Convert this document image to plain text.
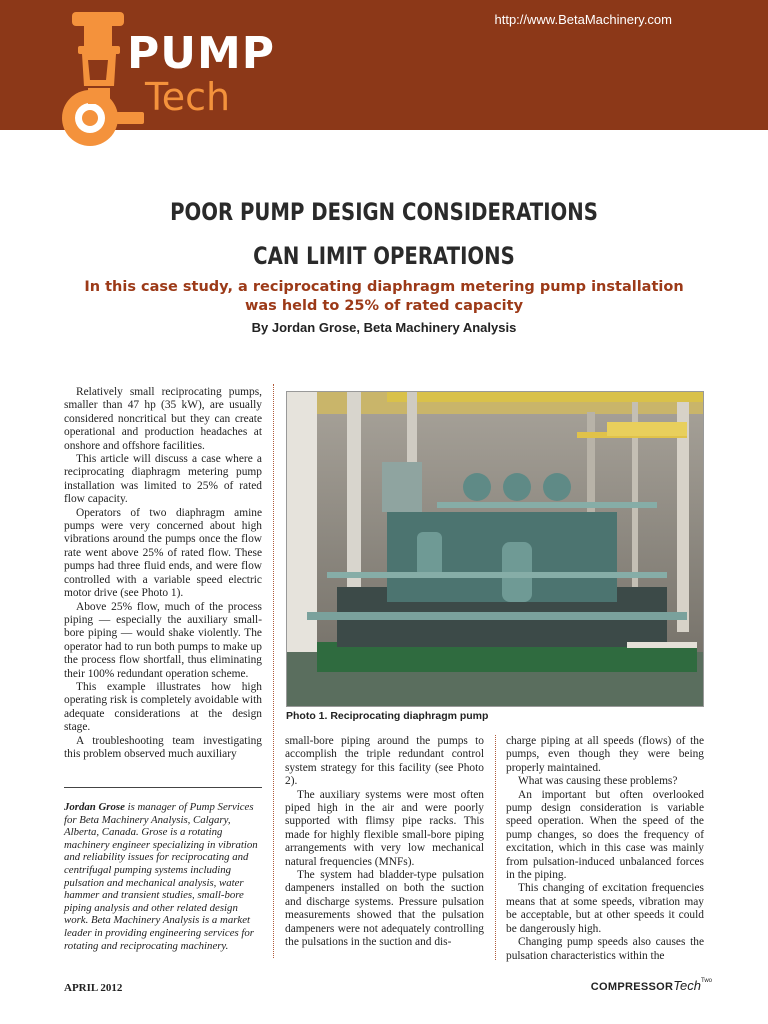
http://www.BetaMachinery.com
PUMP
Tech
POOR PUMP DESIGN CONSIDERATIONS
CAN LIMIT OPERATIONS
In this case study, a reciprocating diaphragm metering pump installation was held to 25% of rated capacity
By Jordan Grose, Beta Machinery Analysis

Relatively small reciprocating pumps, smaller than 47 hp (35 kW), are usually considered noncritical but they can create operational and production headaches at onshore and offshore facilities.

This article will discuss a case where a reciprocating diaphragm metering pump installation was limited to 25% of rated flow capacity.

Operators of two diaphragm amine pumps were very concerned about high vibrations around the pumps once the flow rate went above 25% of rated flow. These pumps had three fluid ends, and were flow controlled with a variable speed electric motor drive (see Photo 1).

Above 25% flow, much of the process piping — especially the auxiliary small-bore piping — would shake violently. The operator had to run both pumps to make up the process flow shortfall, thus eliminating their 100% redundant operation scheme.

This example illustrates how high operating risk is completely avoidable with adequate considerations at the design stage.

A troubleshooting team investigating this problem observed much auxiliary

Jordan Grose is manager of Pump Services for Beta Machinery Analysis, Calgary, Alberta, Canada. Grose is a rotating machinery engineer specializing in vibration and reliability issues for reciprocating and centrifugal pumping systems including pulsation and mechanical analysis, water hammer and transient studies, small-bore piping analysis and other related design work. Beta Machinery Analysis is a market leader in providing engineering services for rotating and reciprocating machinery.
Photo 1. Reciprocating diaphragm pump

small-bore piping around the pumps to accomplish the triple redundant control system strategy for this facility (see Photo 2).

The auxiliary systems were most often piped high in the air and were poorly supported with flimsy pipe racks. This made for highly flexible small-bore piping arrangements with very low mechanical natural frequencies (MNFs).

The system had bladder-type pulsation dampeners installed on both the suction and discharge systems. Pressure pulsation measurements showed that the pulsation dampeners were not adequately controlling the pulsations in the suction and dis-

charge piping at all speeds (flows) of the pumps, even though they were being properly maintained.

What was causing these problems?

An important but often overlooked pump design consideration is variable speed operation. When the speed of the pump changes, so does the frequency of excitation, which in this case was mainly from pulsation-induced unbalanced forces in the piping.

This changing of excitation frequencies means that at some speeds, vibration may be acceptable, but at other speeds it could be dangerously high.

Changing pump speeds also causes the pulsation characteristics within the

APRIL 2012	COMPRESSORTech$^{Two}$
